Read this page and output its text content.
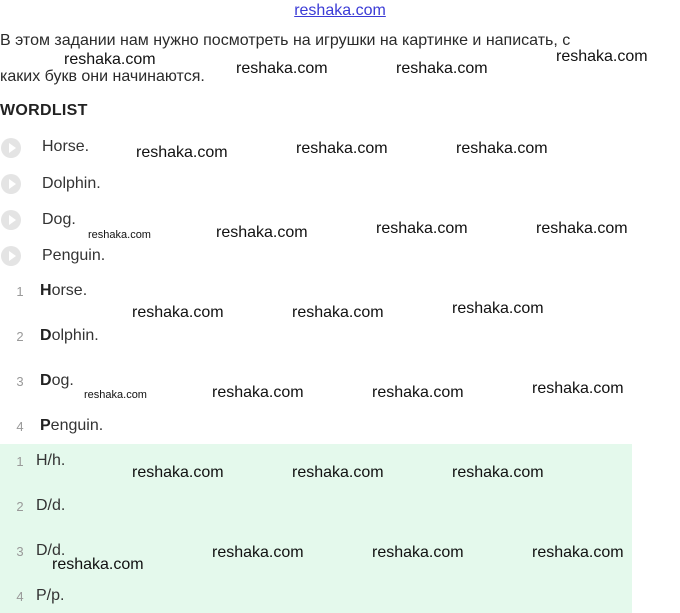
reshaka.com
В этом задании нам нужно посмотреть на игрушки на картинке и написать, с
каких букв они начинаются.
WORDLIST
Horse.
Dolphin.
Dog.
Penguin.
1 Horse.
2 Dolphin.
3 Dog.
4 Penguin.
1 H/h.
2 D/d.
3 D/d.
4 P/p.
reshaka.com
reshaka.com	reshaka.com
reshaka.com
reshaka.com	reshaka.com	reshaka.com
reshaka.com	reshaka.com	reshaka.com	reshaka.com
reshaka.com	reshaka.com	reshaka.com
reshaka.com	reshaka.com	reshaka.com	reshaka.com
reshaka.com	reshaka.com	reshaka.com
reshaka.com	reshaka.com	reshaka.com
reshaka.com
